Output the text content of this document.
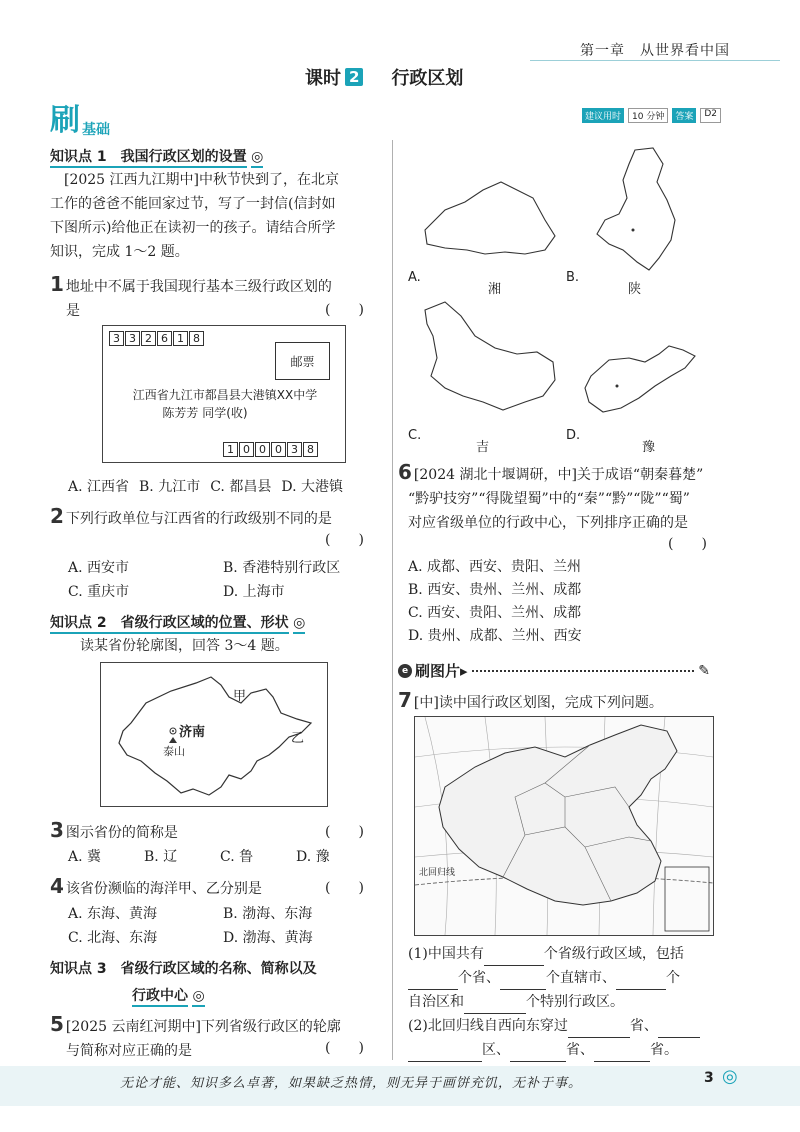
第一章　从世界看中国
课时 2 行政区划
刷 基础
建议用时	10 分钟	答案	D2
知识点 1　我国行政区划的设置 ◎
　[2025 江西九江期中]中秋节快到了，在北京
工作的爸爸不能回家过节，写了一封信(信封如
下图所示)给他正在读初一的孩子。请结合所学
知识，完成 1～2 题。
1 地址中不属于我国现行基本三级行政区划的
是	(　　)
3 3 2 6 1 8
邮票
江西省九江市都昌县大港镇XX中学
陈芳芳 同学(收)
1 0 0 0 3 8
A. 江西省 B. 九江市 C. 都昌县 D. 大港镇
2 下列行政单位与江西省的行政级别不同的是
(　　)
A. 西安市	B. 香港特别行政区
C. 重庆市	D. 上海市
知识点 2　省级行政区域的位置、形状 ◎
读某省份轮廓图，回答 3～4 题。
济南
泰山
甲
乙
3 图示省份的简称是	(　　)
A. 冀	B. 辽	C. 鲁	D. 豫
4 该省份濒临的海洋甲、乙分别是	(　　)
A. 东海、黄海	B. 渤海、东海
C. 北海、东海	D. 渤海、黄海
知识点 3　省级行政区域的名称、简称以及
行政中心 ◎
5 [2025 云南红河期中]下列省级行政区的轮廓
与简称对应正确的是	(　　)
A.
湘
B.
陕
C.
吉
D.
豫
6 [2024 湖北十堰调研，中]关于成语“朝秦暮楚”
“黔驴技穷”“得陇望蜀”中的“秦”“黔”“陇”“蜀”
对应省级单位的行政中心，下列排序正确的是
(　　)
A. 成都、西安、贵阳、兰州
B. 西安、贵州、兰州、成都
C. 西安、贵阳、兰州、成都
D. 贵州、成都、兰州、西安
e 刷图片 ▸	✎
7 [中]读中国行政区划图，完成下列问题。
北回归线
(1)中国共有	个省级行政区域，包括
个省、	个直辖市、	个
自治区和	个特别行政区。
(2)北回归线自西向东穿过	省、
区、	省、	省。
无论才能、知识多么卓著，如果缺乏热情，则无异于画饼充饥，无补于事。	3 ◎
